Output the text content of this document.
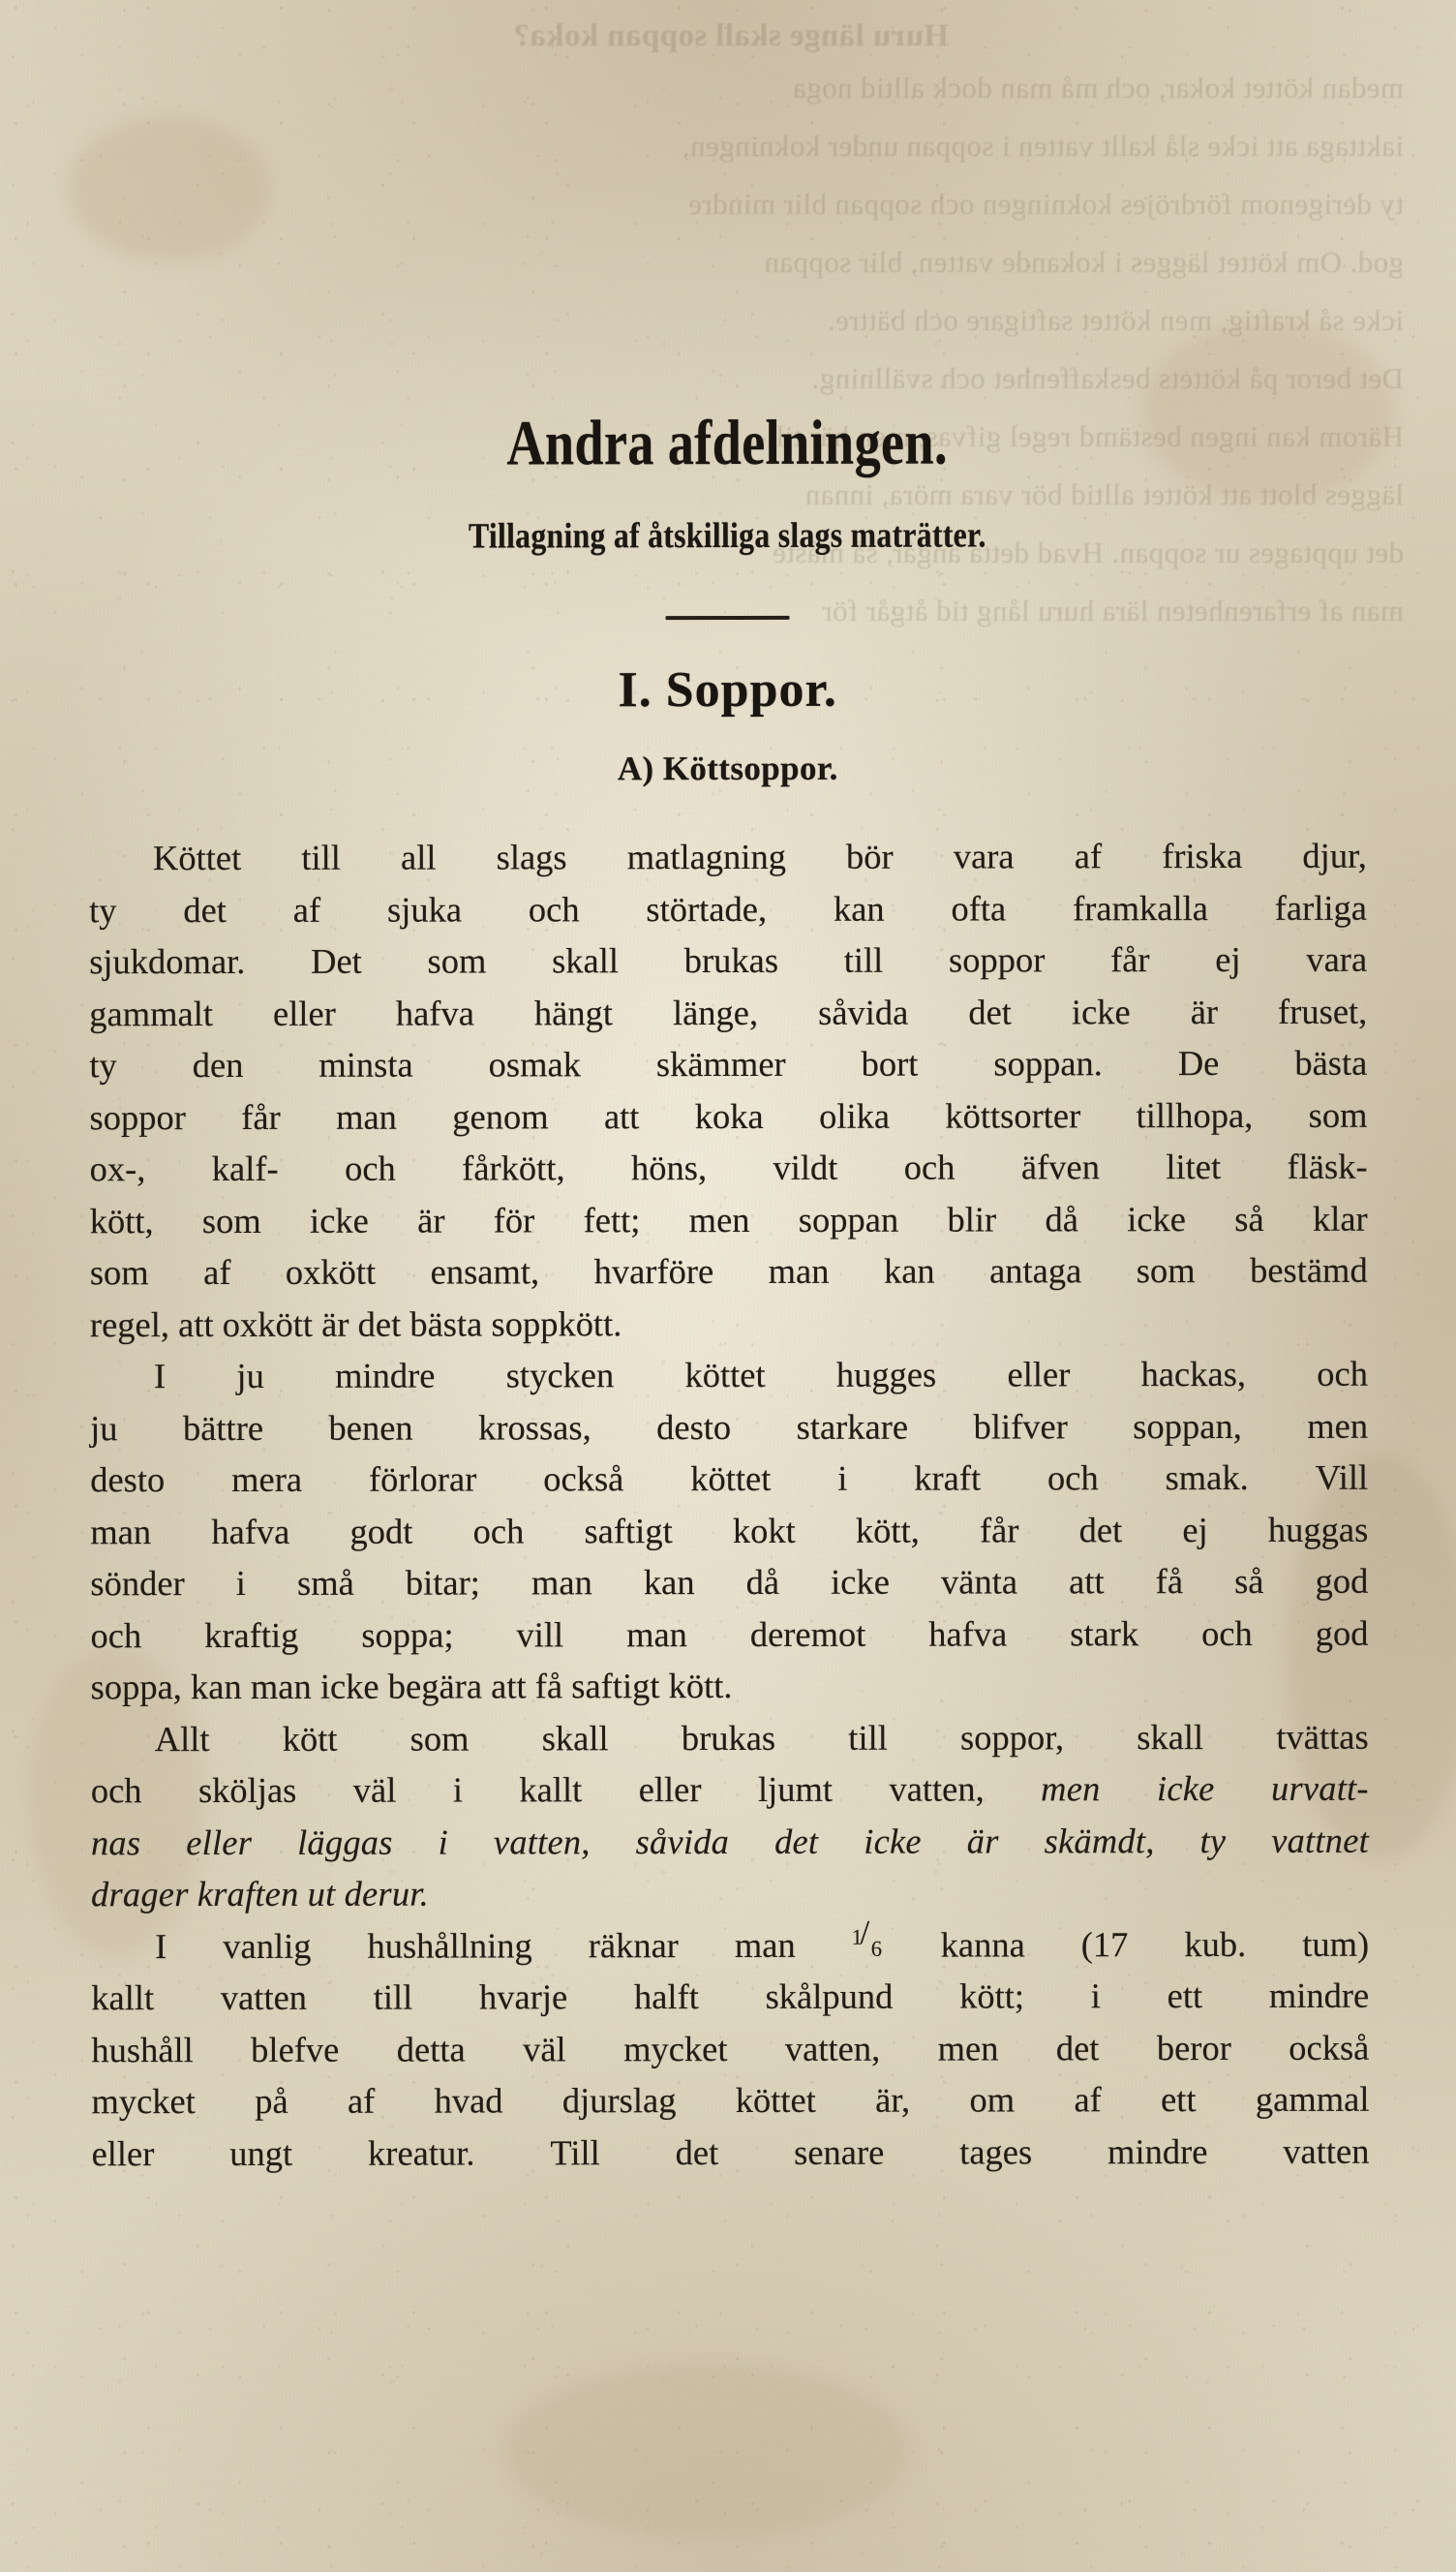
Huru länge skall soppan koka?

medan köttet kokar, och må man dock alltid noga

iakttaga att icke slå kallt vatten i soppan under kokningen,

ty derigenom fördröjes kokningen och soppan blir mindre

god. Om köttet lägges i kokande vatten, blir soppan

icke så kraftig, men köttet saftigare och bättre.

Det beror på köttets beskaffenhet och svällning.

Härom kan ingen bestämd regel gifvas, men här till-

lägges blott att köttet alltid bör vara möra, innan

det upptages ur soppan. Hvad detta angår, så måste

man af erfarenheten lära huru lång tid åtgår för

Andra afdelningen.
Tillagning af åtskilliga slags maträtter.
I. Soppor.
A) Köttsoppor.
Köttet till all slags matlagning bör vara af friska djur,
ty det af sjuka och störtade, kan ofta framkalla farliga
sjukdomar. Det som skall brukas till soppor får ej vara
gammalt eller hafva hängt länge, såvida det icke är fruset,
ty den minsta osmak skämmer bort soppan. De bästa
soppor får man genom att koka olika köttsorter tillhopa, som
ox-, kalf- och fårkött, höns, vildt och äfven litet fläsk-
kött, som icke är för fett; men soppan blir då icke så klar
som af oxkött ensamt, hvarföre man kan antaga som bestämd
regel, att oxkött är det bästa soppkött.
I ju mindre stycken köttet hugges eller hackas, och
ju bättre benen krossas, desto starkare blifver soppan, men
desto mera förlorar också köttet i kraft och smak. Vill
man hafva godt och saftigt kokt kött, får det ej huggas
sönder i små bitar; man kan då icke vänta att få så god
och kraftig soppa; vill man deremot hafva stark och god
soppa, kan man icke begära att få saftigt kött.
Allt kött som skall brukas till soppor, skall tvättas
och sköljas väl i kallt eller ljumt vatten, men icke urvatt-
nas eller läggas i vatten, såvida det icke är skämdt, ty vattnet
drager kraften ut derur.
I vanlig hushållning räknar man	1
/ 6 kanna (17 kub. tum)
kallt vatten till hvarje halft skålpund kött; i ett mindre
hushåll blefve detta väl mycket vatten, men det beror också
mycket på af hvad djurslag köttet är, om af ett gammal
eller ungt kreatur. Till det senare tages mindre vatten
